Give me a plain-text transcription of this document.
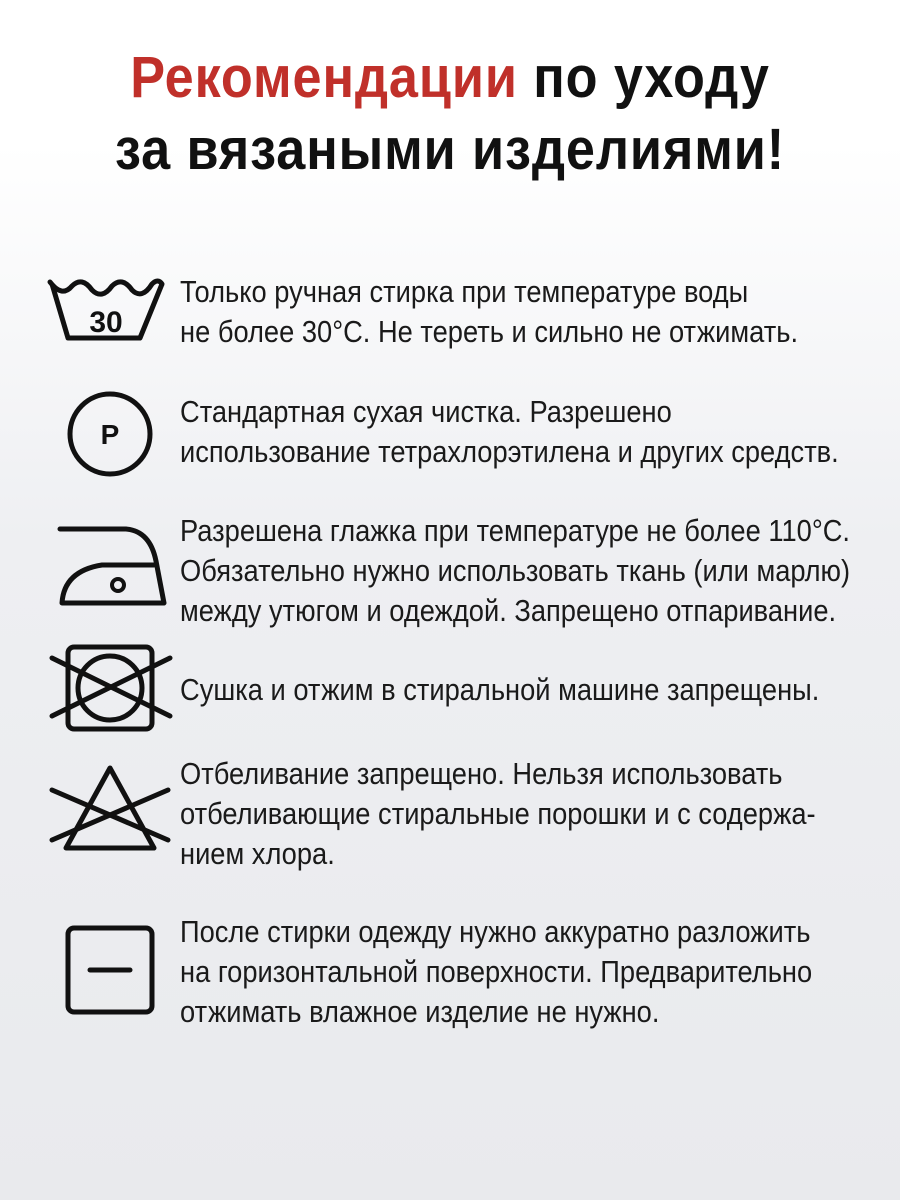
Рекомендации по уходу
за вязаными изделиями!
30
Только ручная стирка при температуре воды
не более 30°С. Не тереть и сильно не отжимать.
P
Стандартная сухая чистка. Разрешено
использование тетрахлорэтилена и других средств.
Разрешена глажка при температуре не более 110°С.
Обязательно нужно использовать ткань (или марлю)
между утюгом и одеждой. Запрещено отпаривание.
Сушка и отжим в стиральной машине запрещены.
Отбеливание запрещено. Нельзя использовать
отбеливающие стиральные порошки и с содержа-
нием хлора.
После стирки одежду нужно аккуратно разложить
на горизонтальной поверхности. Предварительно
отжимать влажное изделие не нужно.
